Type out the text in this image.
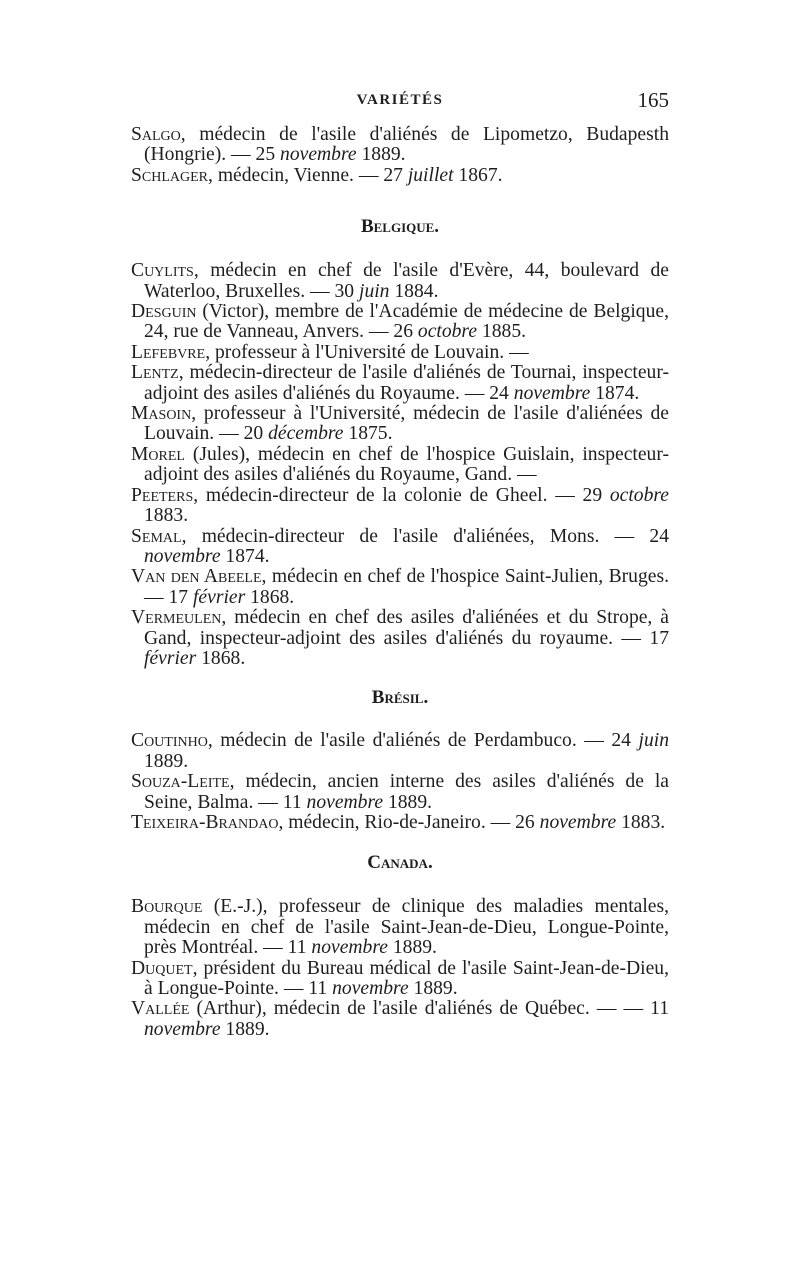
VARIÉTÉS	165

Salgo, médecin de l'asile d'aliénés de Lipometzo, Budapesth (Hongrie). — 25 novembre 1889.

Schlager, médecin, Vienne. — 27 juillet 1867.

Belgique.

Cuylits, médecin en chef de l'asile d'Evère, 44, boulevard de Waterloo, Bruxelles. — 30 juin 1884.

Desguin (Victor), membre de l'Académie de médecine de Belgique, 24, rue de Vanneau, Anvers. — 26 octobre 1885.

Lefebvre, professeur à l'Université de Louvain. —

Lentz, médecin-directeur de l'asile d'aliénés de Tournai, inspecteur-adjoint des asiles d'aliénés du Royaume. — 24 novembre 1874.

Masoin, professeur à l'Université, médecin de l'asile d'aliénées de Louvain. — 20 décembre 1875.

Morel (Jules), médecin en chef de l'hospice Guislain, inspecteur-adjoint des asiles d'aliénés du Royaume, Gand. —

Peeters, médecin-directeur de la colonie de Gheel. — 29 octobre 1883.

Semal, médecin-directeur de l'asile d'aliénées, Mons. — 24 novembre 1874.

Van den Abeele, médecin en chef de l'hospice Saint-Julien, Bruges. — 17 février 1868.

Vermeulen, médecin en chef des asiles d'aliénées et du Strope, à Gand, inspecteur-adjoint des asiles d'aliénés du royaume. — 17 février 1868.

Brésil.

Coutinho, médecin de l'asile d'aliénés de Perdambuco. — 24 juin 1889.

Souza-Leite, médecin, ancien interne des asiles d'aliénés de la Seine, Balma. — 11 novembre 1889.

Teixeira-Brandao, médecin, Rio-de-Janeiro. — 26 novembre 1883.

Canada.

Bourque (E.-J.), professeur de clinique des maladies mentales, médecin en chef de l'asile Saint-Jean-de-Dieu, Longue-Pointe, près Montréal. — 11 novembre 1889.

Duquet, président du Bureau médical de l'asile Saint-Jean-de-Dieu, à Longue-Pointe. — 11 novembre 1889.

Vallée (Arthur), médecin de l'asile d'aliénés de Québec. — — 11 novembre 1889.
